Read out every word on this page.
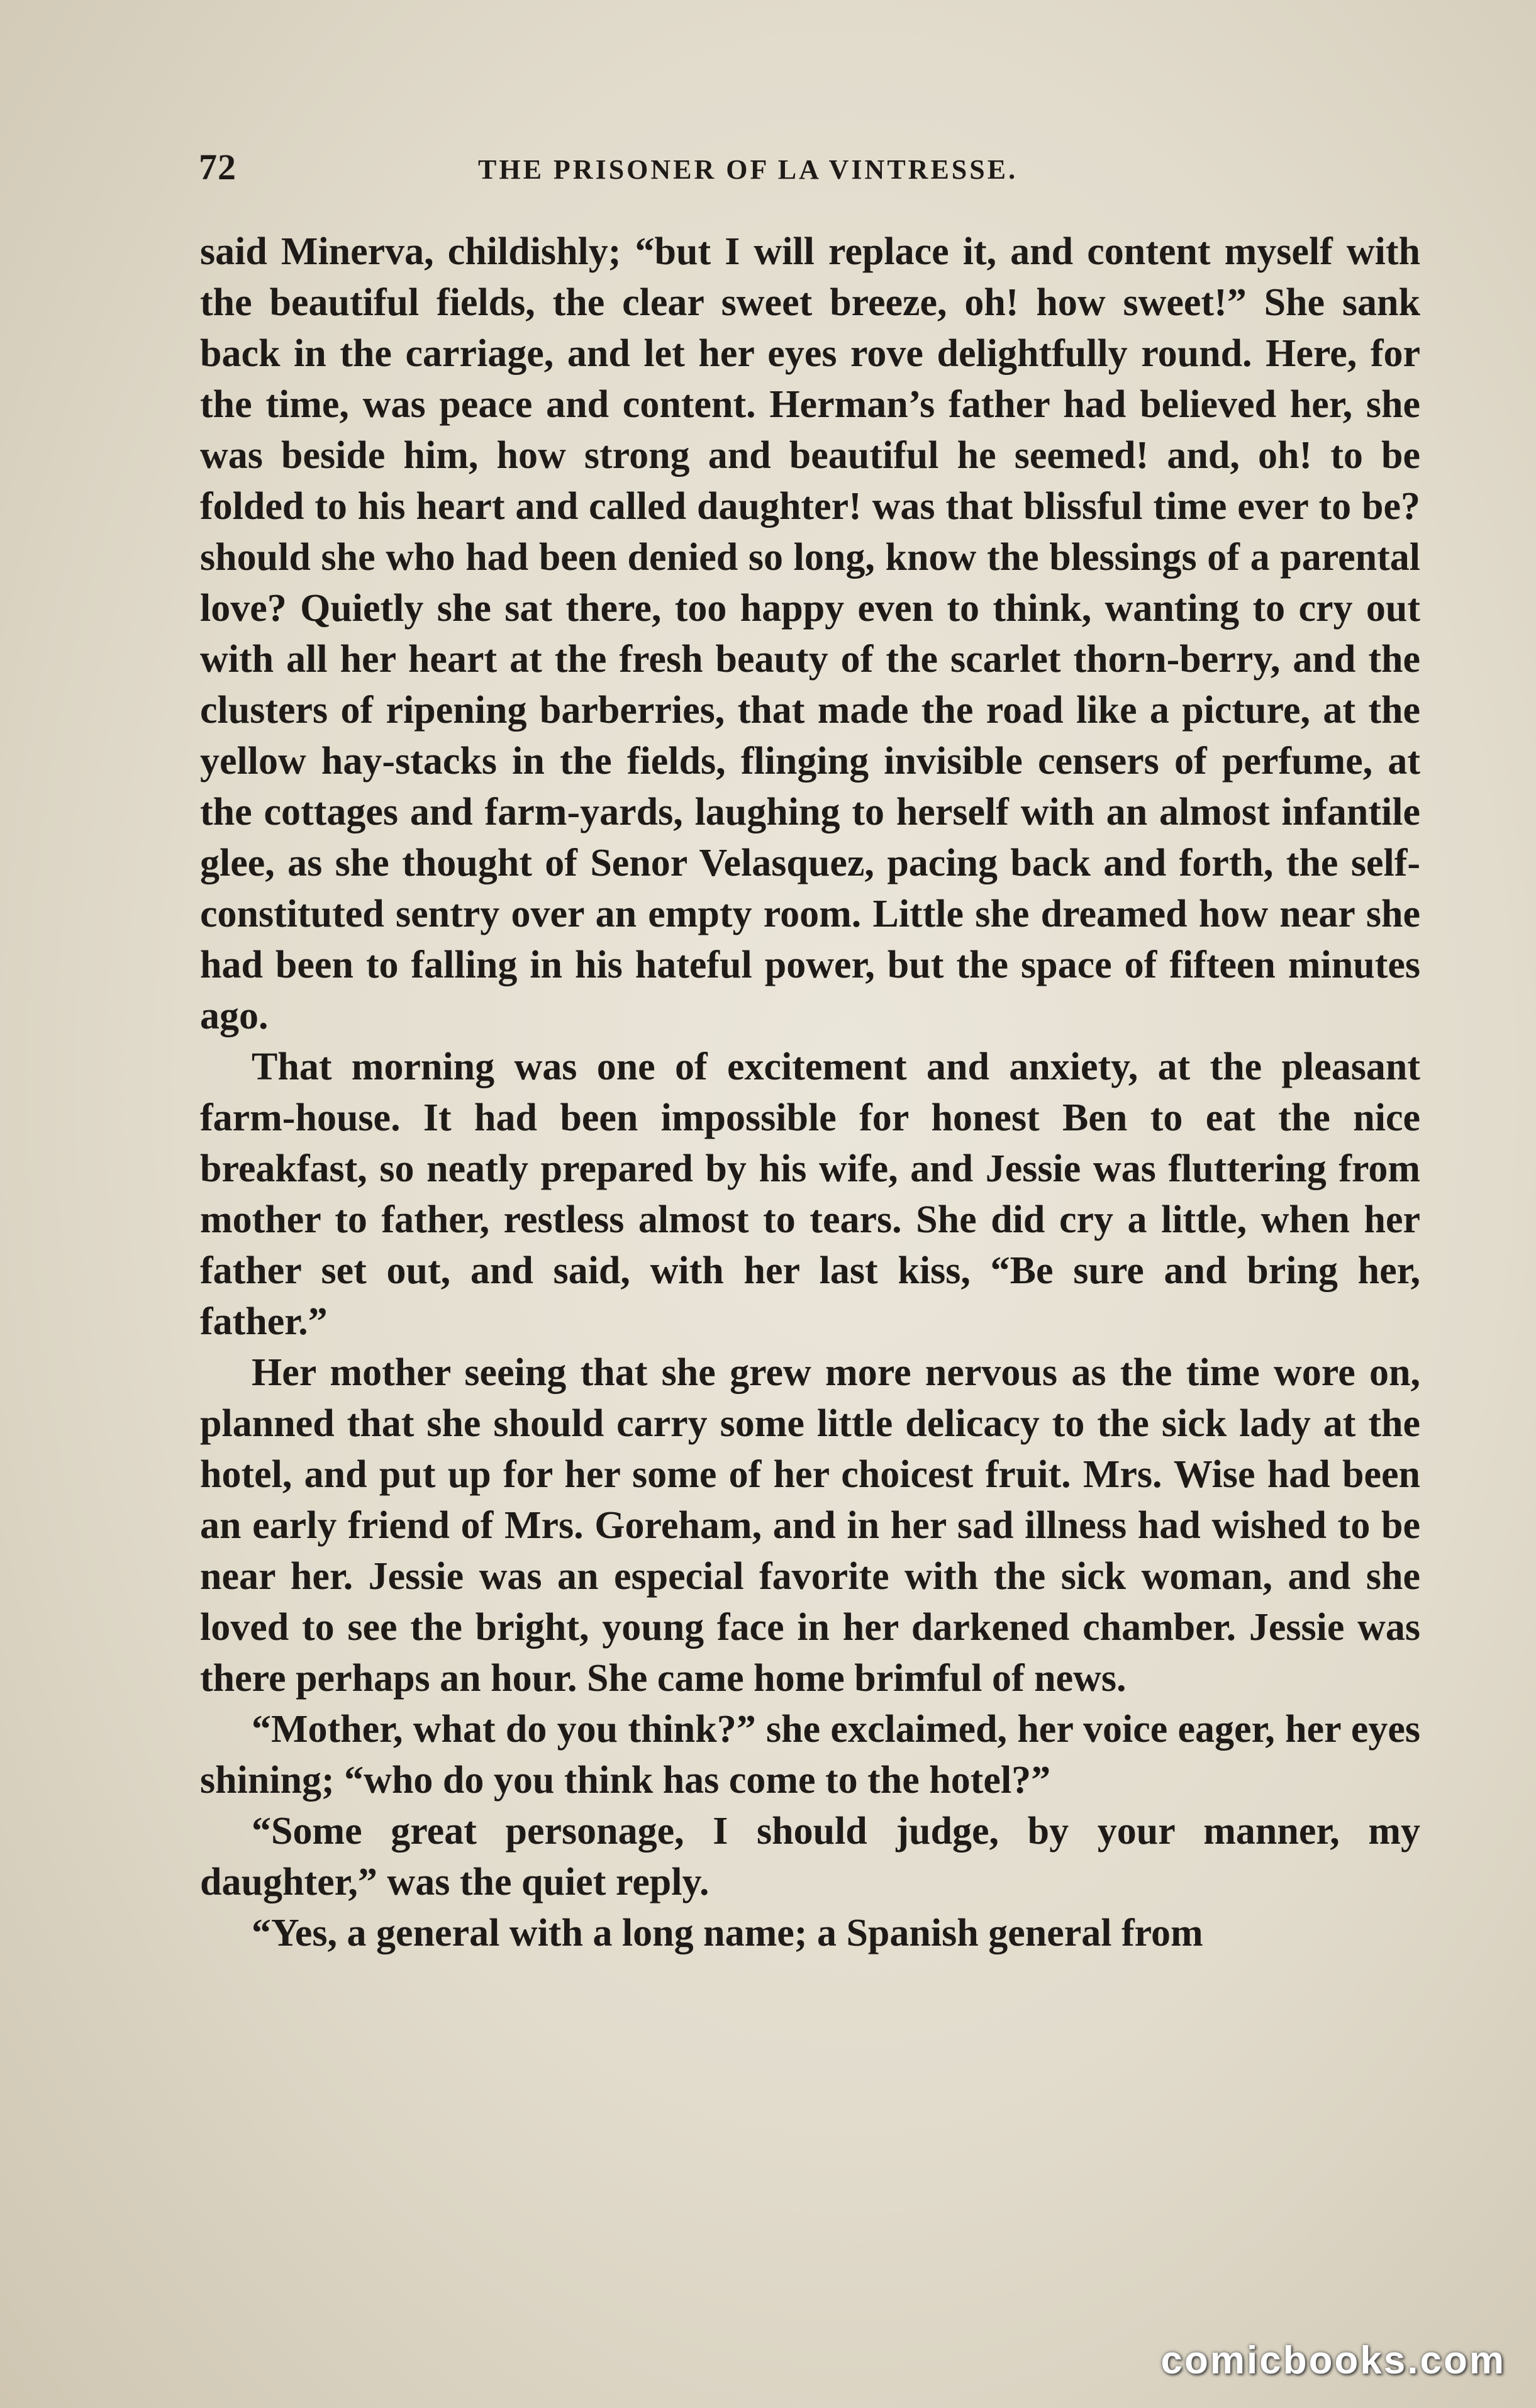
72	THE PRISONER OF LA VINTRESSE.

said Minerva, childishly; “but I will replace it, and content myself with the beautiful fields, the clear sweet breeze, oh! how sweet!” She sank back in the carriage, and let her eyes rove delightfully round. Here, for the time, was peace and content. Herman’s father had believed her, she was beside him, how strong and beautiful he seemed! and, oh! to be folded to his heart and called daughter! was that blissful time ever to be? should she who had been denied so long, know the blessings of a parental love? Quietly she sat there, too happy even to think, wanting to cry out with all her heart at the fresh beauty of the scarlet thorn-berry, and the clusters of ripening barberries, that made the road like a picture, at the yellow hay-stacks in the fields, flinging invisible censers of perfume, at the cottages and farm-yards, laughing to herself with an almost infantile glee, as she thought of Senor Velasquez, pacing back and forth, the self-constituted sentry over an empty room. Little she dreamed how near she had been to falling in his hateful power, but the space of fifteen minutes ago.

That morning was one of excitement and anxiety, at the pleasant farm-house. It had been impossible for honest Ben to eat the nice breakfast, so neatly prepared by his wife, and Jessie was fluttering from mother to father, restless almost to tears. She did cry a little, when her father set out, and said, with her last kiss, “Be sure and bring her, father.”

Her mother seeing that she grew more nervous as the time wore on, planned that she should carry some little delicacy to the sick lady at the hotel, and put up for her some of her choicest fruit. Mrs. Wise had been an early friend of Mrs. Goreham, and in her sad illness had wished to be near her. Jessie was an especial favorite with the sick woman, and she loved to see the bright, young face in her darkened chamber. Jessie was there perhaps an hour. She came home brimful of news.

“Mother, what do you think?” she exclaimed, her voice eager, her eyes shining; “who do you think has come to the hotel?”

“Some great personage, I should judge, by your manner, my daughter,” was the quiet reply.

“Yes, a general with a long name; a Spanish general from

comicbooks.com
